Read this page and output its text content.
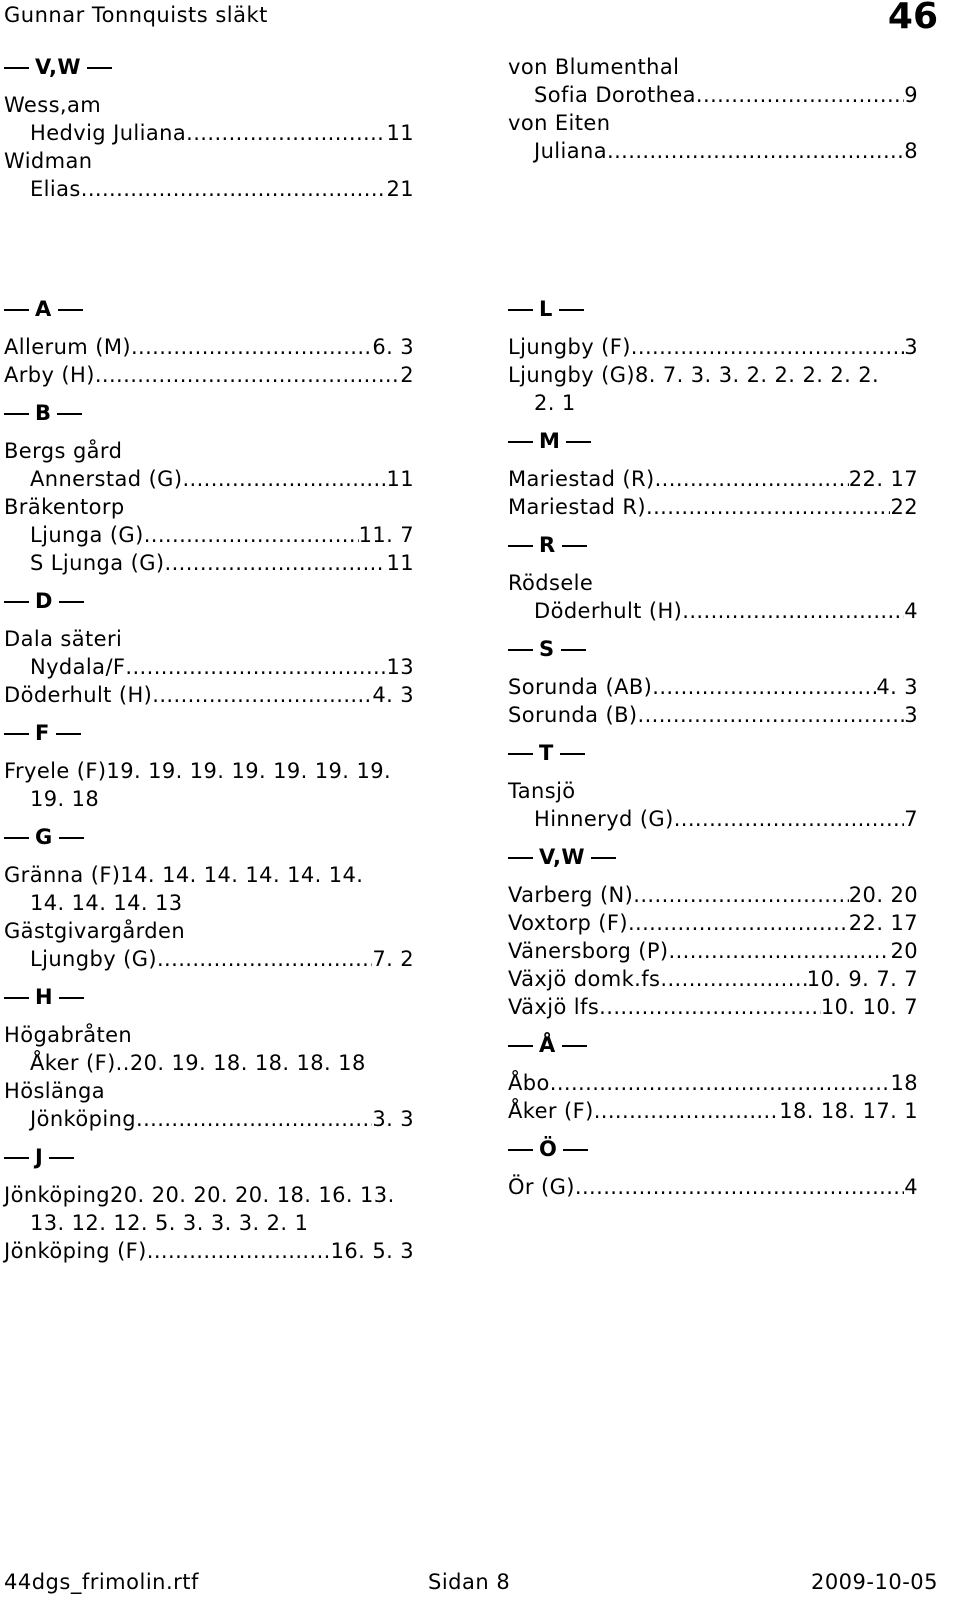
Gunnar Tonnquists släkt	46
V,W
Wess,am
Hedvig Juliana .....	11
Widman
Elias .....	21
von Blumenthal
Sofia Dorothea .....	9
von Eiten
Juliana .....	8
A
Allerum (M) .....	6. 3
Arby (H) .....	2
B
Bergs gård
Annerstad (G) .....	11
Bräkentorp
Ljunga (G) .....	11. 7
S Ljunga (G) .....	11
D
Dala säteri
Nydala/F .....	13
Döderhult (H) .....	4. 3
F
Fryele (F)19. 19. 19. 19. 19. 19. 19.
19. 18
G
Gränna (F)14. 14. 14. 14. 14. 14.
14. 14. 14. 13
Gästgivargården
Ljungby (G) .....	7. 2
H
Högabråten
Åker (F)..20. 19. 18. 18. 18. 18
Höslänga
Jönköping .....	3. 3
J
Jönköping20. 20. 20. 20. 18. 16. 13.
13. 12. 12. 5. 3. 3. 3. 2. 1
Jönköping (F) .....	16. 5. 3
L
Ljungby (F) .....	3
Ljungby (G)8. 7. 3. 3. 2. 2. 2. 2. 2.
2. 1
M
Mariestad (R) .....	22. 17
Mariestad R) .....	22
R
Rödsele
Döderhult (H) .....	4
S
Sorunda (AB) .....	4. 3
Sorunda (B) .....	3
T
Tansjö
Hinneryd (G) .....	7
V,W
Varberg (N) .....	20. 20
Voxtorp (F) .....	22. 17
Vänersborg (P) .....	20
Växjö domk.fs .....	10. 9. 7. 7
Växjö lfs .....	10. 10. 7
Å
Åbo .....	18
Åker (F) .....	18. 18. 17. 1
Ö
Ör (G) .....	4
44dgs_frimolin.rtf	Sidan 8	2009-10-05
